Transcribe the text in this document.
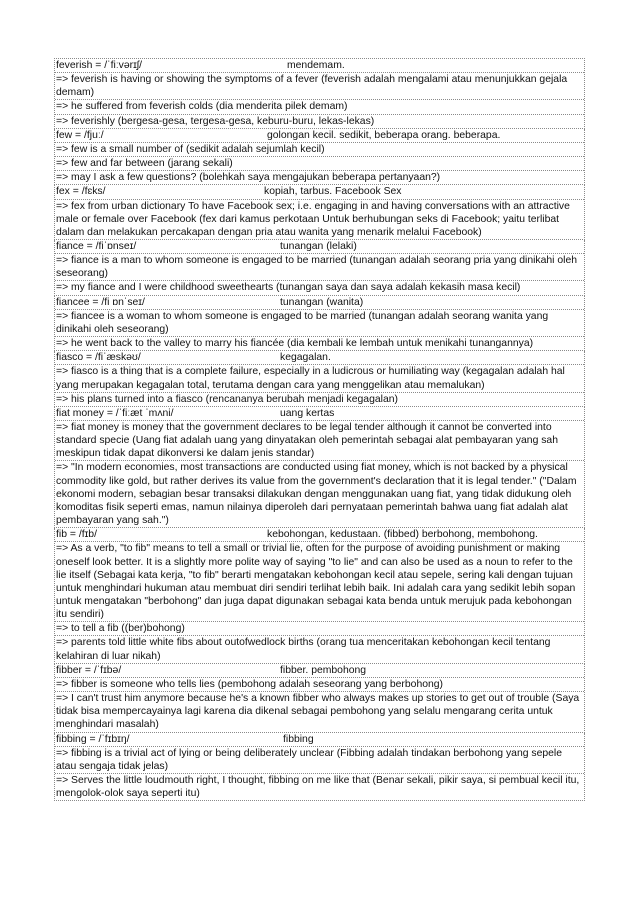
feverish = /ˈfiːvərɪʃ/	mendemam.
=> feverish is having or showing the symptoms of a fever (feverish adalah mengalami atau menunjukkan gejala demam)
=> he suffered from feverish colds (dia menderita pilek demam)
=> feverishly (bergesa-gesa, tergesa-gesa, keburu-buru, lekas-lekas)
few = /fjuː/	golongan kecil. sedikit, beberapa orang. beberapa.
=> few is a small number of (sedikit adalah sejumlah kecil)
=> few and far between (jarang sekali)
=> may I ask a few questions? (bolehkah saya mengajukan beberapa pertanyaan?)
fex = /fɛks/	kopiah, tarbus. Facebook Sex
=> fex from urban dictionary To have Facebook sex; i.e. engaging in and having conversations with an attractive male or female over Facebook (fex dari kamus perkotaan Untuk berhubungan seks di Facebook; yaitu terlibat dalam dan melakukan percakapan dengan pria atau wanita yang menarik melalui Facebook)
fiance = /fiˈɒnseɪ/	tunangan (lelaki)
=> fiance is a man to whom someone is engaged to be married (tunangan adalah seorang pria yang dinikahi oleh seseorang)
=> my fiance and I were childhood sweethearts (tunangan saya dan saya adalah kekasih masa kecil)
fiancee = /fi ɒnˈseɪ/	tunangan (wanita)
=> fiancee is a woman to whom someone is engaged to be married (tunangan adalah seorang wanita yang dinikahi oleh seseorang)
=> he went back to the valley to marry his fiancée (dia kembali ke lembah untuk menikahi tunangannya)
fiasco = /fiˈæskəʊ/	kegagalan.
=> fiasco is a thing that is a complete failure, especially in a ludicrous or humiliating way (kegagalan adalah hal yang merupakan kegagalan total, terutama dengan cara yang menggelikan atau memalukan)
=> his plans turned into a fiasco (rencananya berubah menjadi kegagalan)
fiat money = /ˈfiːæt ˈmʌni/	uang kertas
=> fiat money is money that the government declares to be legal tender although it cannot be converted into standard specie (Uang fiat adalah uang yang dinyatakan oleh pemerintah sebagai alat pembayaran yang sah meskipun tidak dapat dikonversi ke dalam jenis standar)
=> "In modern economies, most transactions are conducted using fiat money, which is not backed by a physical commodity like gold, but rather derives its value from the government's declaration that it is legal tender." ("Dalam ekonomi modern, sebagian besar transaksi dilakukan dengan menggunakan uang fiat, yang tidak didukung oleh komoditas fisik seperti emas, namun nilainya diperoleh dari pernyataan pemerintah bahwa uang fiat adalah alat pembayaran yang sah.")
fib = /fɪb/	kebohongan, kedustaan. (fibbed) berbohong, membohong.
=> As a verb, "to fib" means to tell a small or trivial lie, often for the purpose of avoiding punishment or making oneself look better. It is a slightly more polite way of saying "to lie" and can also be used as a noun to refer to the lie itself (Sebagai kata kerja, "to fib" berarti mengatakan kebohongan kecil atau sepele, sering kali dengan tujuan untuk menghindari hukuman atau membuat diri sendiri terlihat lebih baik. Ini adalah cara yang sedikit lebih sopan untuk mengatakan "berbohong" dan juga dapat digunakan sebagai kata benda untuk merujuk pada kebohongan itu sendiri)
=> to tell a fib ((ber)bohong)
=> parents told little white fibs about outofwedlock births (orang tua menceritakan kebohongan kecil tentang kelahiran di luar nikah)
fibber = /ˈfɪbə/	fibber. pembohong
=> fibber is someone who tells lies (pembohong adalah seseorang yang berbohong)
=> I can't trust him anymore because he's a known fibber who always makes up stories to get out of trouble (Saya tidak bisa mempercayainya lagi karena dia dikenal sebagai pembohong yang selalu mengarang cerita untuk menghindari masalah)
fibbing = /ˈfɪbɪŋ/	fibbing
=> fibbing is a trivial act of lying or being deliberately unclear (Fibbing adalah tindakan berbohong yang sepele atau sengaja tidak jelas)
=> Serves the little loudmouth right, I thought, fibbing on me like that (Benar sekali, pikir saya, si pembual kecil itu, mengolok-olok saya seperti itu)
